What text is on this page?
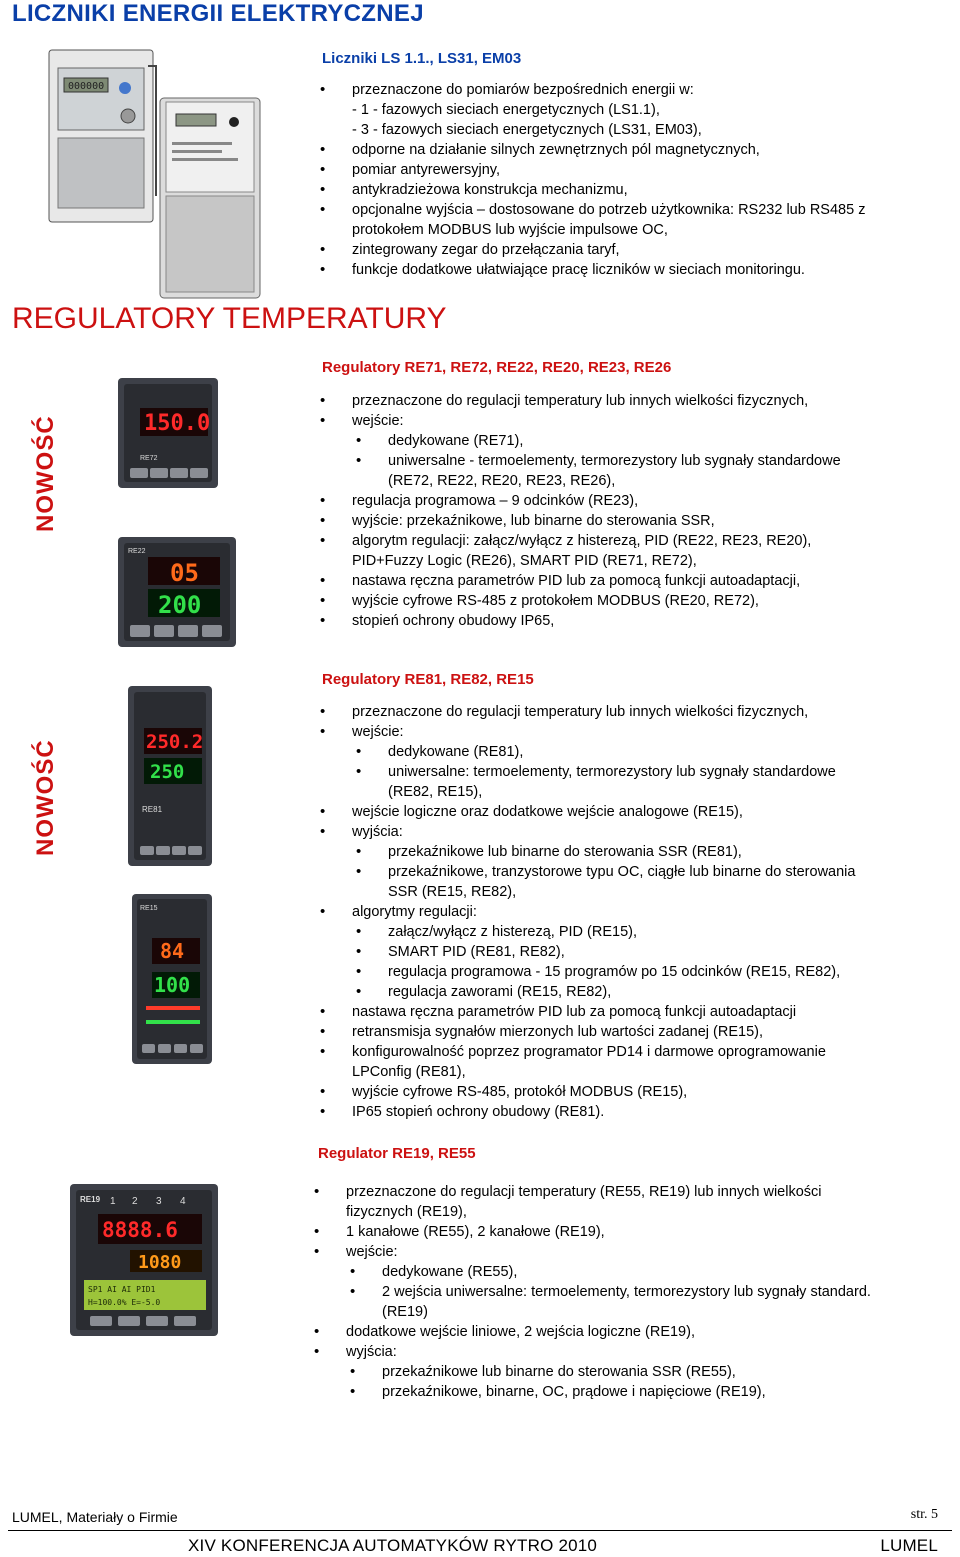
LICZNIKI ENERGII ELEKTRYCZNEJ
000000
Liczniki LS 1.1., LS31, EM03
• przeznaczone do pomiarów bezpośrednich energii w:
- 1 - fazowych sieciach energetycznych (LS1.1),
- 3 - fazowych sieciach energetycznych (LS31, EM03),
• odporne na działanie silnych zewnętrznych pól magnetycznych,
• pomiar antyrewersyjny,
• antykradzieżowa konstrukcja mechanizmu,
• opcjonalne wyjścia – dostosowane do potrzeb użytkownika: RS232 lub RS485 z
protokołem MODBUS lub wyjście impulsowe OC,
• zintegrowany zegar do przełączania taryf,
• funkcje dodatkowe ułatwiające pracę liczników w sieciach monitoringu.
REGULATORY TEMPERATURY
Regulatory RE71, RE72, RE22, RE20, RE23, RE26
NOWOŚĆ
• przeznaczone do regulacji temperatury lub innych wielkości fizycznych,
• wejście:
• dedykowane (RE71),
• uniwersalne - termoelementy, termorezystory lub sygnały standardowe
(RE72, RE22, RE20, RE23, RE26),
• regulacja programowa – 9 odcinków (RE23),
• wyjście: przekaźnikowe, lub binarne do sterowania SSR,
• algorytm regulacji: załącz/wyłącz z histerezą, PID (RE22, RE23, RE20),
PID+Fuzzy Logic (RE26), SMART PID (RE71, RE72),
• nastawa ręczna parametrów PID lub za pomocą funkcji autoadaptacji,
• wyjście cyfrowe RS-485 z protokołem MODBUS (RE20, RE72),
• stopień ochrony obudowy IP65,
150.0
RE72
RE22
05
200
Regulatory RE81, RE82, RE15
NOWOŚĆ
• przeznaczone do regulacji temperatury lub innych wielkości fizycznych,
• wejście:
• dedykowane (RE81),
• uniwersalne: termoelementy, termorezystory lub sygnały standardowe
(RE82, RE15),
• wejście logiczne oraz dodatkowe wejście analogowe (RE15),
• wyjścia:
• przekaźnikowe lub binarne do sterowania SSR (RE81),
• przekaźnikowe, tranzystorowe typu OC, ciągłe lub binarne do sterowania
SSR (RE15, RE82),
• algorytmy regulacji:
• załącz/wyłącz z histerezą, PID (RE15),
• SMART PID (RE81, RE82),
• regulacja programowa - 15 programów po 15 odcinków (RE15, RE82),
• regulacja zaworami (RE15, RE82),
• nastawa ręczna parametrów PID lub za pomocą funkcji autoadaptacji
• retransmisja sygnałów mierzonych lub wartości zadanej (RE15),
• konfigurowalność poprzez programator PD14 i darmowe oprogramowanie
LPConfig (RE81),
• wyjście cyfrowe RS-485, protokół MODBUS (RE15),
• IP65 stopień ochrony obudowy (RE81).
250.2
250
RE81
RE15
84
100
Regulator RE19, RE55
• przeznaczone do regulacji temperatury (RE55, RE19) lub innych wielkości
fizycznych (RE19),
• 1 kanałowe (RE55), 2 kanałowe (RE19),
• wejście:
• dedykowane (RE55),
• 2 wejścia uniwersalne: termoelementy, termorezystory lub sygnały standard.
(RE19)
• dodatkowe wejście liniowe, 2 wejścia logiczne (RE19),
• wyjścia:
• przekaźnikowe lub binarne do sterowania SSR (RE55),
• przekaźnikowe, binarne, OC, prądowe i napięciowe (RE19),
RE19 1 2 3 4
8888.6
1080
SP1 AI AI PID1
H=100.0% E=-5.0
LUMEL, Materiały o Firmie	str. 5
XIV KONFERENCJA AUTOMATYKÓW RYTRO 2010	LUMEL
